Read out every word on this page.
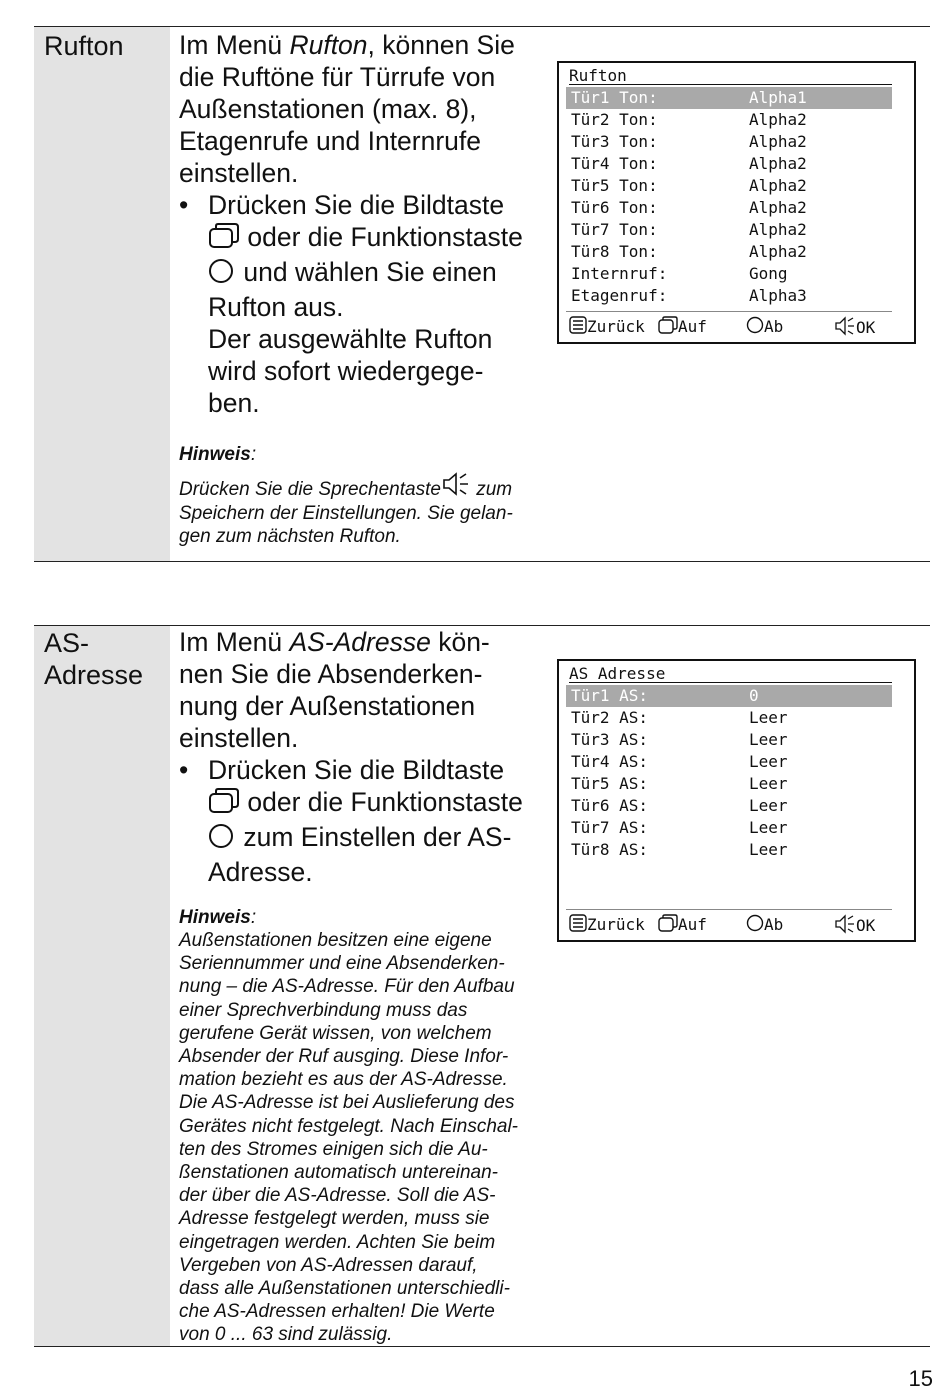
Rufton	Im Menü Rufton, können Sie
die Ruftöne für Türrufe von
Außenstationen (max. 8),
Etagenrufe und Internrufe
einstellen.

• Drücken Sie die Bildtaste
oder die Funktionstaste
und wählen Sie einen
Rufton aus.
Der ausgewählte Rufton
wird sofort wiedergege-
ben.
Hinweis:
Drücken Sie die Sprechentaste zum
Speichern der Einstellungen. Sie gelan-
gen zum nächsten Rufton.
Rufton
Tür1 Ton:	Alpha1
Tür2 Ton:	Alpha2
Tür3 Ton:	Alpha2
Tür4 Ton:	Alpha2
Tür5 Ton:	Alpha2
Tür6 Ton:	Alpha2
Tür7 Ton:	Alpha2
Tür8 Ton:	Alpha2
Internruf:	Gong
Etagenruf:	Alpha3
Zurück	Auf	Ab	OK
AS-
Adresse

Im Menü AS-Adresse kön-
nen Sie die Absenderken-
nung der Außenstationen
einstellen.

• Drücken Sie die Bildtaste
oder die Funktionstaste
zum Einstellen der AS-
Adresse.
Hinweis:
Außenstationen besitzen eine eigene
Seriennummer und eine Absenderken-
nung – die AS-Adresse. Für den Aufbau
einer Sprechverbindung muss das
gerufene Gerät wissen, von welchem
Absender der Ruf ausging. Diese Infor-
mation bezieht es aus der AS-Adresse.
Die AS-Adresse ist bei Auslieferung des
Gerätes nicht festgelegt. Nach Einschal-
ten des Stromes einigen sich die Au-
ßenstationen automatisch untereinan-
der über die AS-Adresse. Soll die AS-
Adresse festgelegt werden, muss sie
eingetragen werden. Achten Sie beim
Vergeben von AS-Adressen darauf,
dass alle Außenstationen unterschiedli-
che AS-Adressen erhalten! Die Werte
von 0 ... 63 sind zulässig.
AS Adresse
Tür1 AS:	0
Tür2 AS:	Leer
Tür3 AS:	Leer
Tür4 AS:	Leer
Tür5 AS:	Leer
Tür6 AS:	Leer
Tür7 AS:	Leer
Tür8 AS:	Leer
Zurück	Auf	Ab	OK
15
